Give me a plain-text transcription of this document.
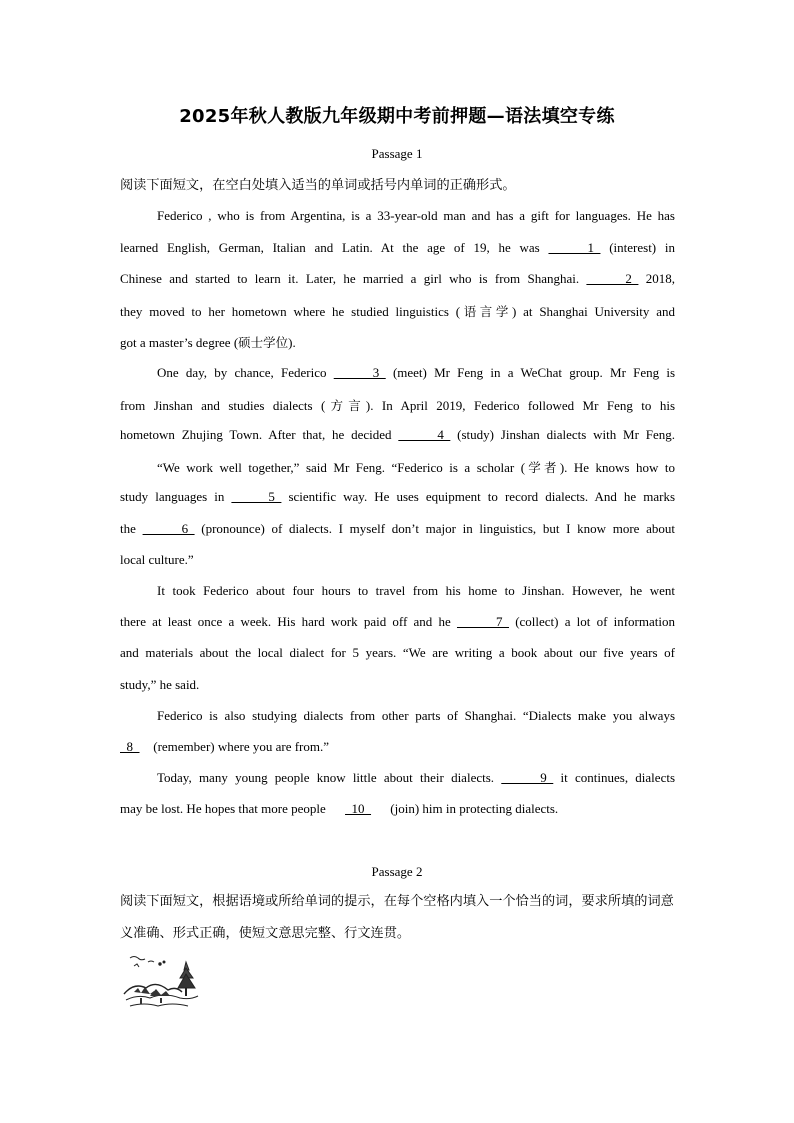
2025年秋人教版九年级期中考前押题—语法填空专练
Passage 1
阅读下面短文，在空白处填入适当的单词或括号内单词的正确形式。
Federico , who is from Argentina, is a 33-year-old man and has a gift for languages. He has
learned English, German, Italian and Latin. At the age of 19, he was   1   (interest) in
Chinese and started to learn it. Later, he married a girl who is from Shanghai.   2   2018,
they moved to her hometown where he studied linguistics (语言学) at Shanghai University and
got a master’s degree (硕士学位).
One day, by chance, Federico   3   (meet) Mr Feng in a WeChat group. Mr Feng is
from Jinshan and studies dialects (方言). In April 2019, Federico followed Mr Feng to his
hometown Zhujing Town. After that, he decided   4   (study) Jinshan dialects with Mr Feng.
“We work well together,” said Mr Feng. “Federico is a scholar (学者). He knows how to
study languages in   5   scientific way. He uses equipment to record dialects. And he marks
the   6   (pronounce) of dialects. I myself don’t major in linguistics, but I know more about
local culture.”
It took Federico about four hours to travel from his home to Jinshan. However, he went
there at least once a week. His hard work paid off and he   7   (collect) a lot of information
and materials about the local dialect for 5 years. “We are writing a book about our five years of
study,” he said.
Federico is also studying dialects from other parts of Shanghai. “Dialects make you always
8   (remember) where you are from.”
Today, many young people know little about their dialects.   9   it continues, dialects
may be lost. He hopes that more people   10   (join) him in protecting dialects.
Passage 2
阅读下面短文，根据语境或所给单词的提示，在每个空格内填入一个恰当的词，要求所填的词意义准确、形式正确，使短文意思完整、行文连贯。
